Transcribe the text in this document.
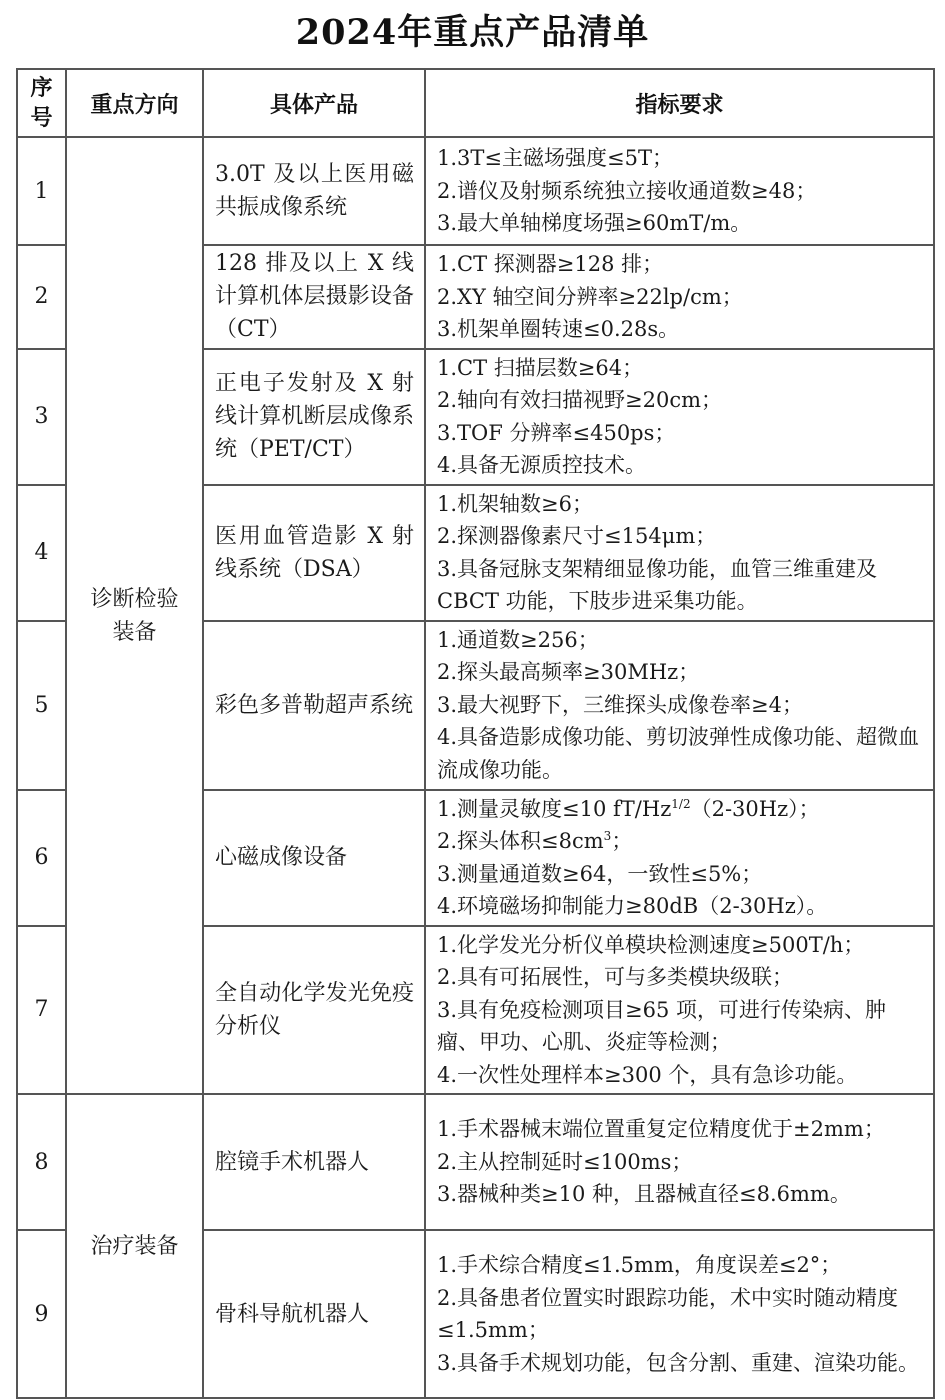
2024年重点产品清单
序号	重点方向	具体产品	指标要求
1	诊断检验装备	3.0T 及以上医用磁共振成像系统	1.3T≤主磁场强度≤5T；
2.谱仪及射频系统独立接收通道数≥48；
3.最大单轴梯度场强≥60mT/m。

2		128 排及以上 X 线计算机体层摄影设备（CT）	1.CT 探测器≥128 排；
2.XY 轴空间分辨率≥22lp/cm；
3.机架单圈转速≤0.28s。

3		正电子发射及 X 射线计算机断层成像系统（PET/CT）	1.CT 扫描层数≥64；
2.轴向有效扫描视野≥20cm；
3.TOF 分辨率≤450ps；
4.具备无源质控技术。

4		医用血管造影 X 射线系统（DSA）	1.机架轴数≥6；
2.探测器像素尺寸≤154μm；
3.具备冠脉支架精细显像功能，血管三维重建及 CBCT 功能，下肢步进采集功能。

5		彩色多普勒超声系统	1.通道数≥256；
2.探头最高频率≥30MHz；
3.最大视野下，三维探头成像卷率≥4；
4.具备造影成像功能、剪切波弹性成像功能、超微血流成像功能。

6		心磁成像设备	1.测量灵敏度≤10 $fT/Hz^{1/2}(2-30Hz)$；
2.探头体积$\le 8cm^3$；
3.测量通道数≥64，一致性≤5%；
4.环境磁场抑制能力≥80dB（2-30Hz）。

7		全自动化学发光免疫分析仪	1.化学发光分析仪单模块检测速度≥500T/h；
2.具有可拓展性，可与多类模块级联；
3.具有免疫检测项目≥65 项，可进行传染病、肿瘤、甲功、心肌、炎症等检测；
4.一次性处理样本≥300 个，具有急诊功能。

8	治疗装备	腔镜手术机器人	1.手术器械末端位置重复定位精度优于±2mm；
2.主从控制延时≤100ms；
3.器械种类≥10 种，且器械直径≤8.6mm。

9		骨科导航机器人	1.手术综合精度≤1.5mm，角度误差≤2°；
2.具备患者位置实时跟踪功能，术中实时随动精度≤1.5mm；
3.具备手术规划功能，包含分割、重建、渲染功能。
